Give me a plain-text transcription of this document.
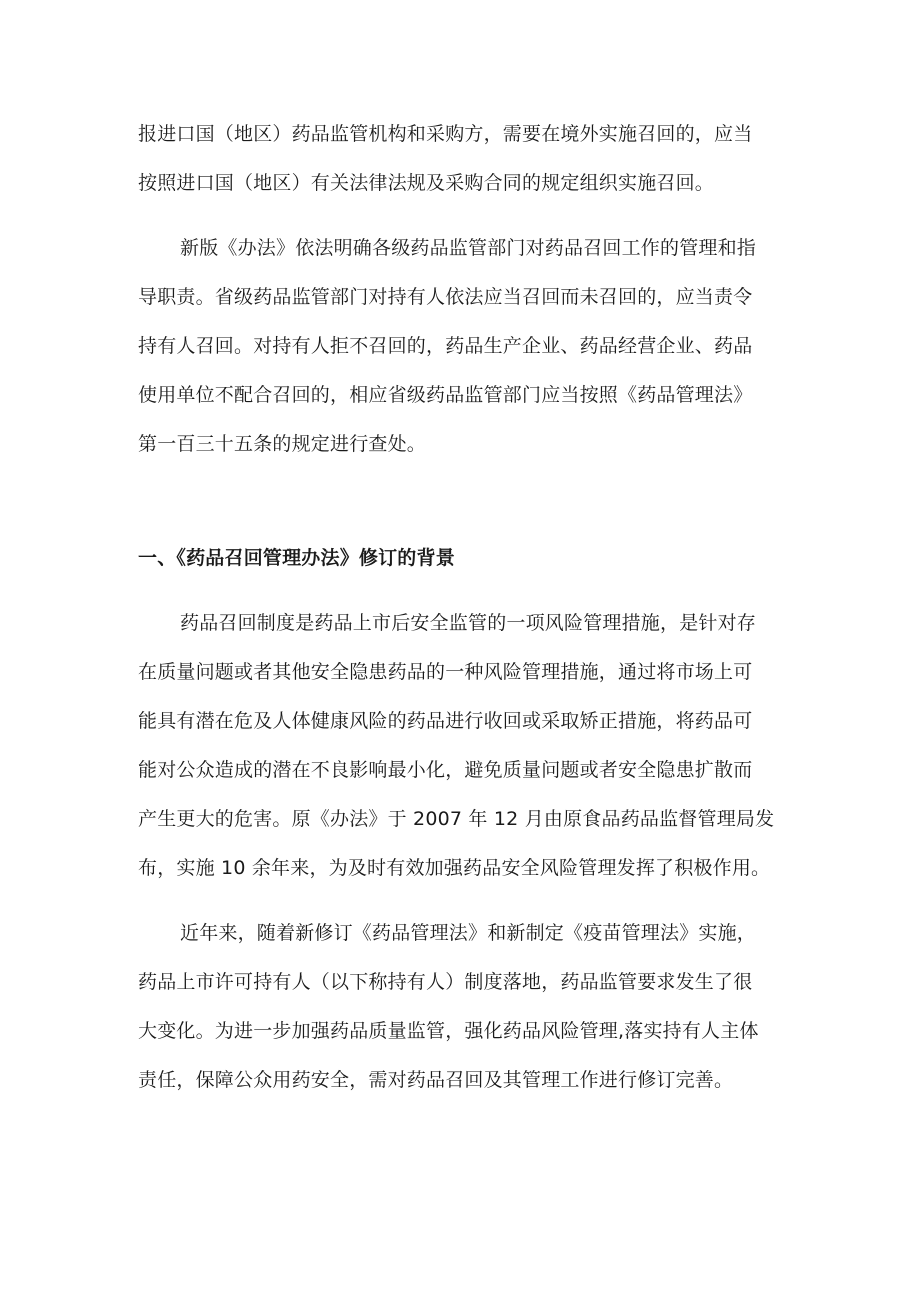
报进口国（地区）药品监管机构和采购方，需要在境外实施召回的，应当
按照进口国（地区）有关法律法规及采购合同的规定组织实施召回。
新版《办法》依法明确各级药品监管部门对药品召回工作的管理和指
导职责。省级药品监管部门对持有人依法应当召回而未召回的，应当责令
持有人召回。对持有人拒不召回的，药品生产企业、药品经营企业、药品
使用单位不配合召回的，相应省级药品监管部门应当按照《药品管理法》
第一百三十五条的规定进行查处。
一、《药品召回管理办法》修订的背景
药品召回制度是药品上市后安全监管的一项风险管理措施，是针对存
在质量问题或者其他安全隐患药品的一种风险管理措施，通过将市场上可
能具有潜在危及人体健康风险的药品进行收回或采取矫正措施，将药品可
能对公众造成的潜在不良影响最小化，避免质量问题或者安全隐患扩散而
产生更大的危害。原《办法》于 2007 年 12 月由原食品药品监督管理局发
布，实施 10 余年来，为及时有效加强药品安全风险管理发挥了积极作用。
近年来，随着新修订《药品管理法》和新制定《疫苗管理法》实施，
药品上市许可持有人（以下称持有人）制度落地，药品监管要求发生了很
大变化。为进一步加强药品质量监管，强化药品风险管理,落实持有人主体
责任，保障公众用药安全，需对药品召回及其管理工作进行修订完善。
